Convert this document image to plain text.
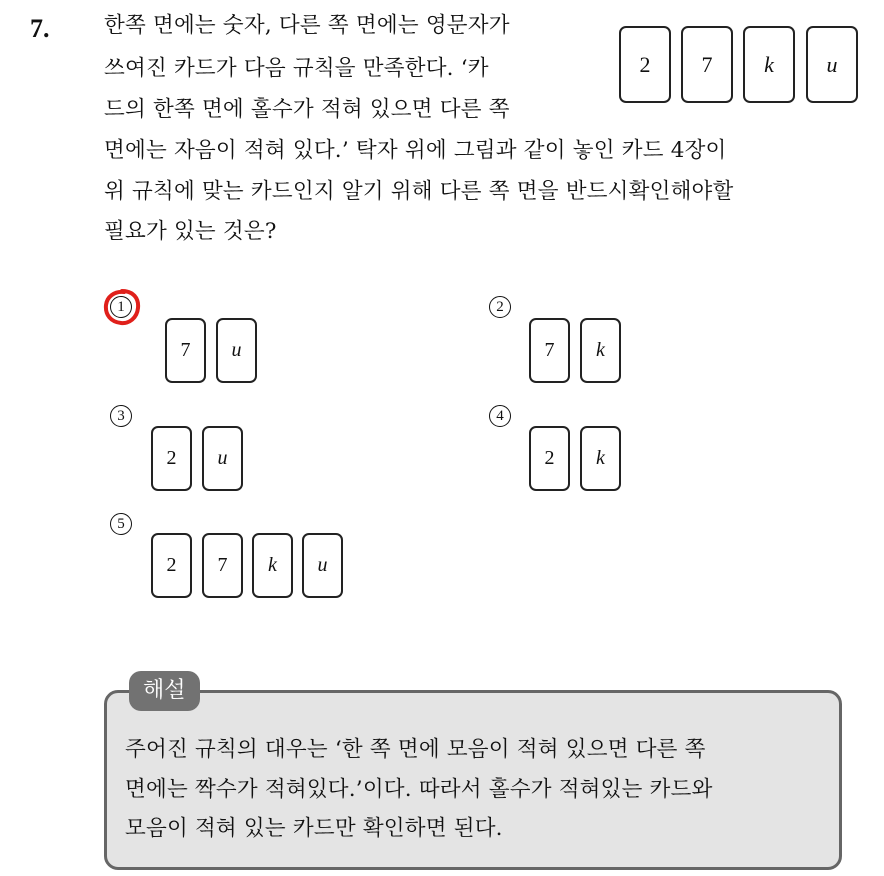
7.	한쪽 면에는 숫자, 다른 쪽 면에는 영문자가
쓰여진 카드가 다음 규칙을 만족한다. ‘카
드의 한쪽 면에 홀수가 적혀 있으면 다른 쪽
면에는 자음이 적혀 있다.’ 탁자 위에 그림과 같이 놓인 카드 4장이
위 규칙에 맞는 카드인지 알기 위해 다른 쪽 면을 반드시확인해야할
필요가 있는 것은?
2	7	k	u
1
7	u
2
7	k
3
2	u
4
2	k
5
2	7	k	u
해설
주어진 규칙의 대우는 ‘한 쪽 면에 모음이 적혀 있으면 다른 쪽
면에는 짝수가 적혀있다.’이다. 따라서 홀수가 적혀있는 카드와
모음이 적혀 있는 카드만 확인하면 된다.
